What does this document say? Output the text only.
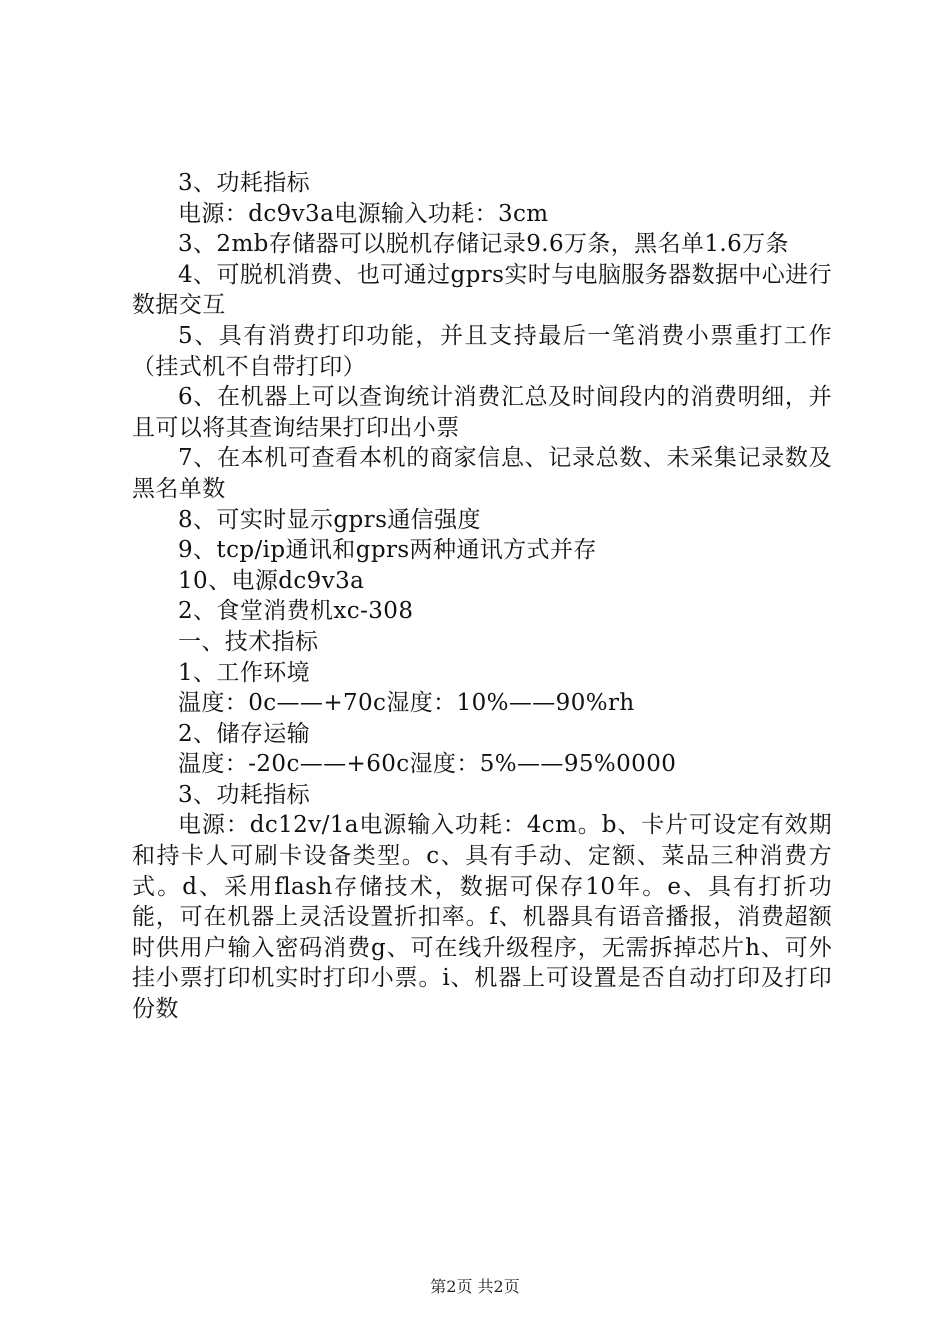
3、功耗指标

电源：dc9v3a电源输入功耗：3cm

3、2mb存储器可以脱机存储记录9.6万条，黑名单1.6万条

4、可脱机消费、也可通过gprs实时与电脑服务器数据中心进行数据交互

5、具有消费打印功能，并且支持最后一笔消费小票重打工作（挂式机不自带打印）

6、在机器上可以查询统计消费汇总及时间段内的消费明细，并且可以将其查询结果打印出小票

7、在本机可查看本机的商家信息、记录总数、未采集记录数及黑名单数

8、可实时显示gprs通信强度

9、tcp/ip通讯和gprs两种通讯方式并存

10、电源dc9v3a

2、食堂消费机xc-308

一、技术指标

1、工作环境

温度：0c——+70c湿度：10%——90%rh

2、储存运输

温度：-20c——+60c湿度：5%——95%0000

3、功耗指标

电源：dc12v/1a电源输入功耗：4cm。b、卡片可设定有效期和持卡人可刷卡设备类型。c、具有手动、定额、菜品三种消费方式。d、采用flash存储技术，数据可保存10年。e、具有打折功能，可在机器上灵活设置折扣率。f、机器具有语音播报，消费超额时供用户输入密码消费g、可在线升级程序，无需拆掉芯片h、可外挂小票打印机实时打印小票。i、机器上可设置是否自动打印及打印份数

第2页 共2页
